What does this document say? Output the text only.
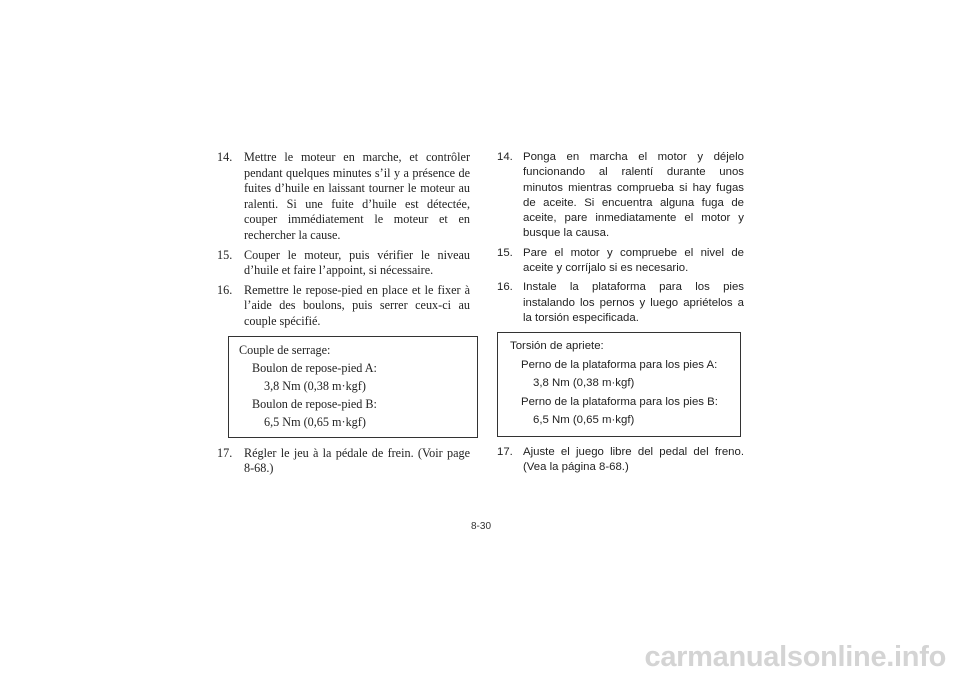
14. Mettre le moteur en marche, et contrôler pendant quelques minutes s’il y a présence de fuites d’huile en laissant tourner le moteur au ralenti. Si une fuite d’huile est détectée, couper immédiatement le moteur et en rechercher la cause.
15. Couper le moteur, puis vérifier le niveau d’huile et faire l’appoint, si nécessaire.
16. Remettre le repose-pied en place et le fixer à l’aide des boulons, puis serrer ceux-ci au couple spécifié.
Couple de serrage:
Boulon de repose-pied A:
3,8 Nm (0,38 m·kgf)
Boulon de repose-pied B:
6,5 Nm (0,65 m·kgf)
17. Régler le jeu à la pédale de frein. (Voir page 8-68.)
14. Ponga en marcha el motor y déjelo funcionando al ralentí durante unos minutos mientras comprueba si hay fugas de aceite. Si encuentra alguna fuga de aceite, pare inmediatamente el motor y busque la causa.
15. Pare el motor y compruebe el nivel de aceite y corríjalo si es necesario.
16. Instale la plataforma para los pies instalando los pernos y luego apriételos a la torsión especificada.
Torsión de apriete:
Perno de la plataforma para los pies A:
3,8 Nm (0,38 m·kgf)
Perno de la plataforma para los pies B:
6,5 Nm (0,65 m·kgf)
17. Ajuste el juego libre del pedal del freno. (Vea la página 8-68.)
8-30
carmanualsonline.info
